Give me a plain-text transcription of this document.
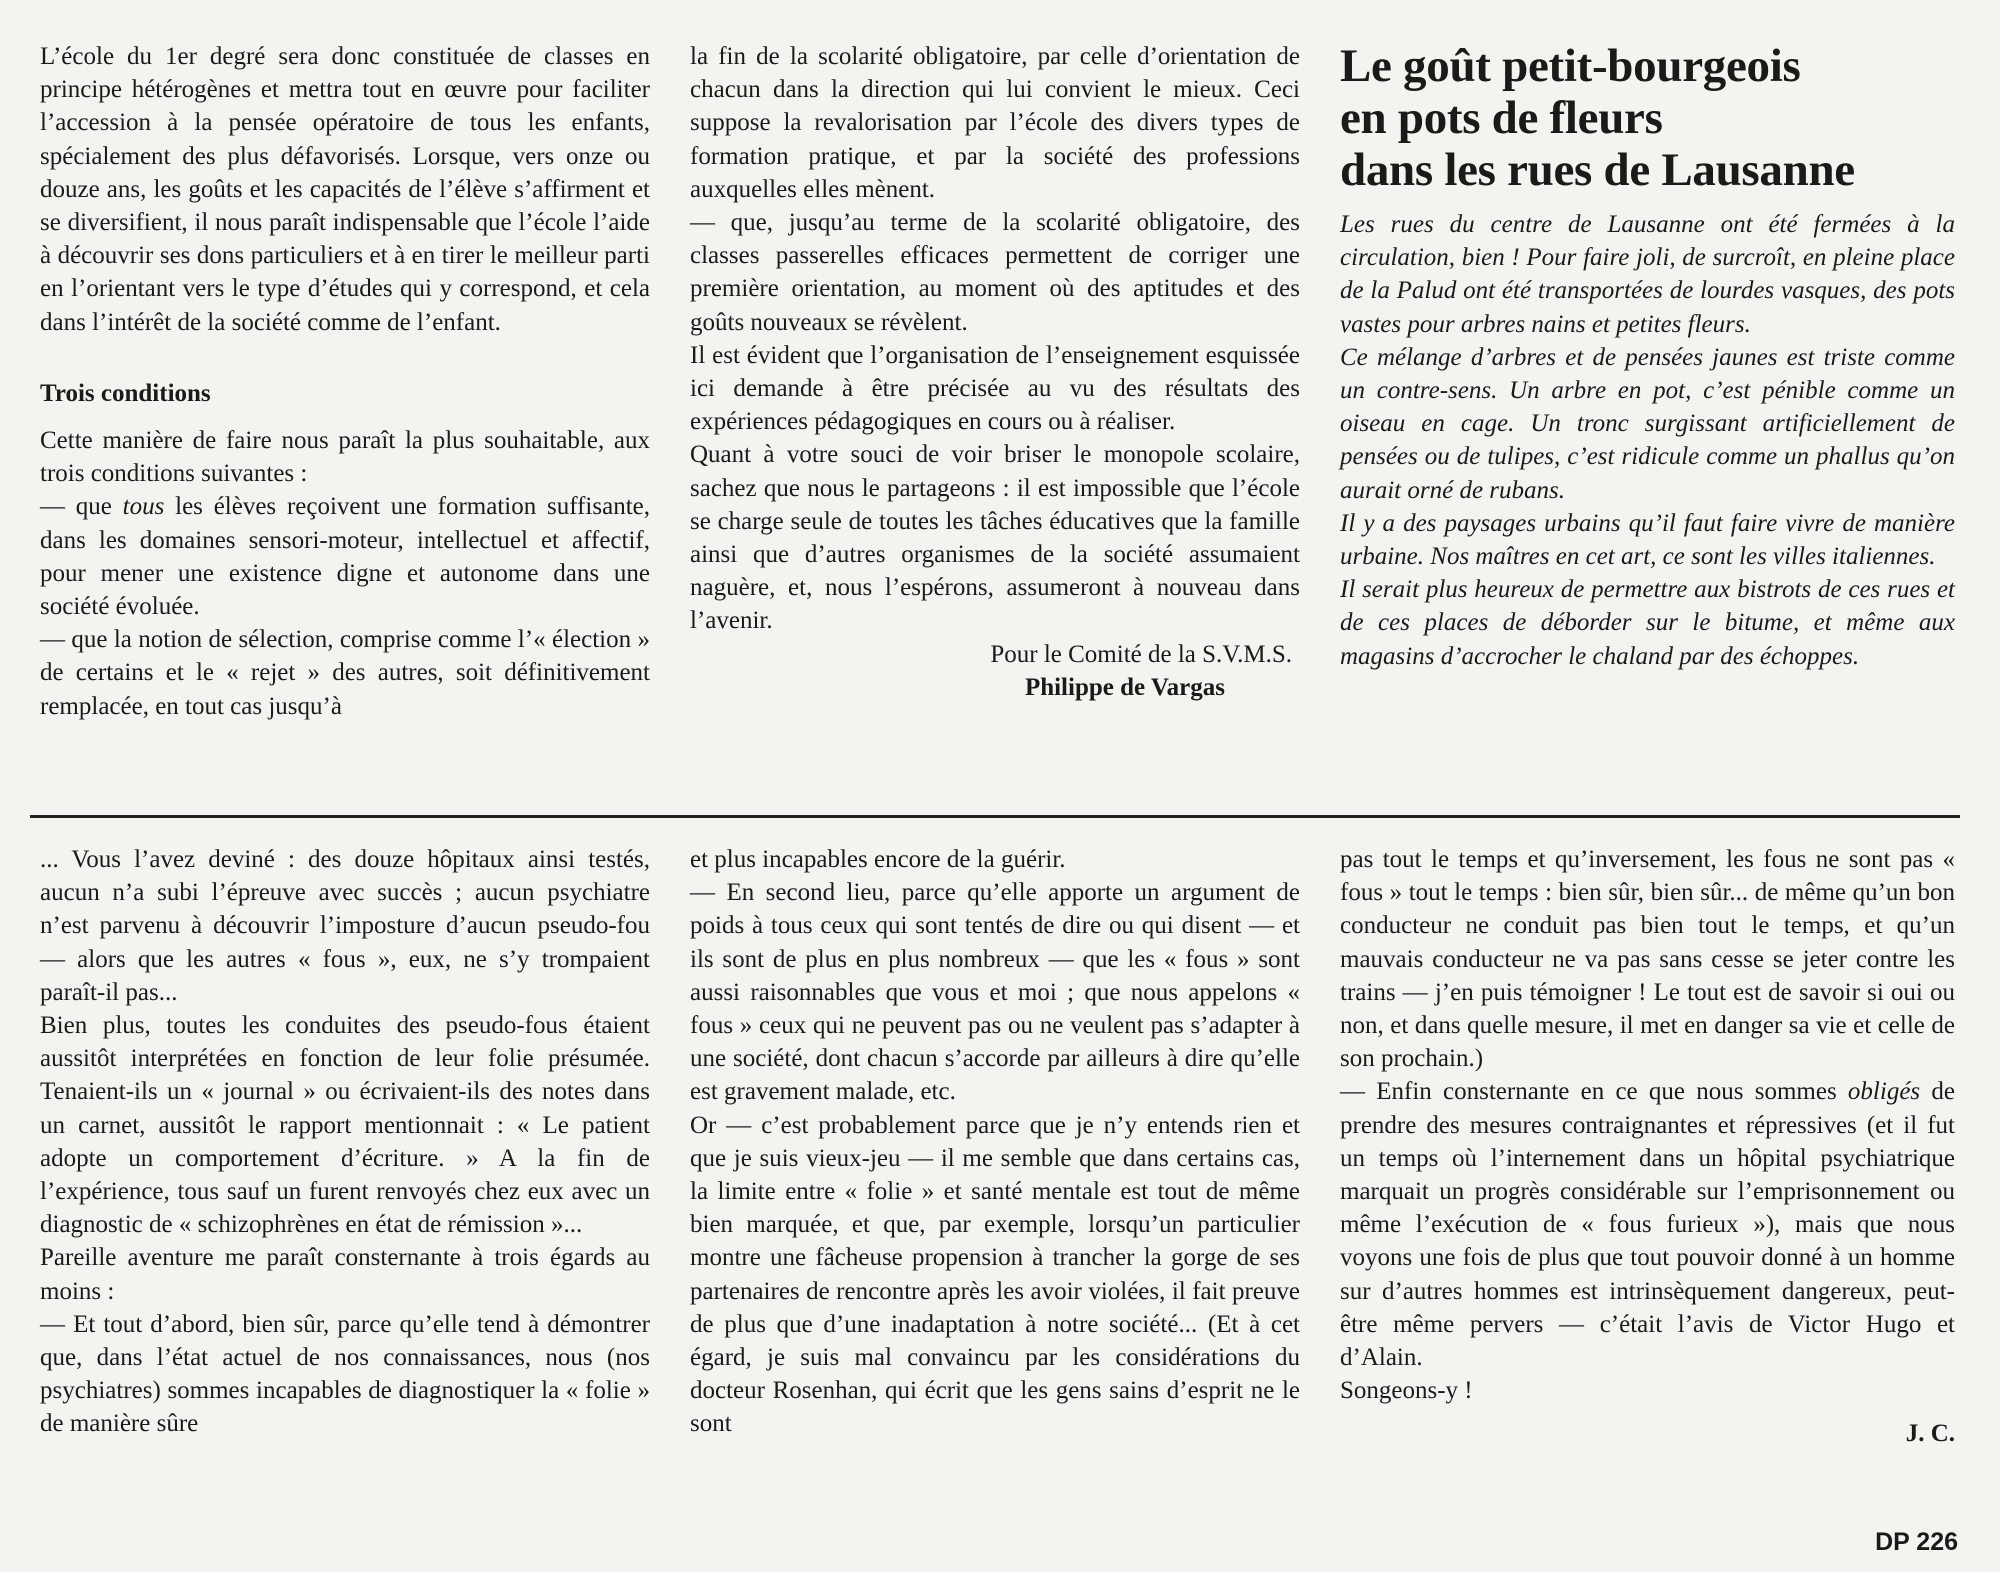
L’école du 1er degré sera donc constituée de classes en principe hétérogènes et mettra tout en œuvre pour faciliter l’accession à la pensée opératoire de tous les enfants, spécialement des plus défavorisés. Lorsque, vers onze ou douze ans, les goûts et les capacités de l’élève s’affirment et se diversifient, il nous paraît indispensable que l’école l’aide à découvrir ses dons particuliers et à en tirer le meilleur parti en l’orientant vers le type d’études qui y correspond, et cela dans l’intérêt de la société comme de l’enfant.

Trois conditions

Cette manière de faire nous paraît la plus souhaitable, aux trois conditions suivantes :

— que tous les élèves reçoivent une formation suffisante, dans les domaines sensori-moteur, intellectuel et affectif, pour mener une existence digne et autonome dans une société évoluée.

— que la notion de sélection, comprise comme l’« élection » de certains et le « rejet » des autres, soit définitivement remplacée, en tout cas jusqu’à

la fin de la scolarité obligatoire, par celle d’orientation de chacun dans la direction qui lui convient le mieux. Ceci suppose la revalorisation par l’école des divers types de formation pratique, et par la société des professions auxquelles elles mènent.

— que, jusqu’au terme de la scolarité obligatoire, des classes passerelles efficaces permettent de corriger une première orientation, au moment où des aptitudes et des goûts nouveaux se révèlent.

Il est évident que l’organisation de l’enseignement esquissée ici demande à être précisée au vu des résultats des expériences pédagogiques en cours ou à réaliser.

Quant à votre souci de voir briser le monopole scolaire, sachez que nous le partageons : il est impossible que l’école se charge seule de toutes les tâches éducatives que la famille ainsi que d’autres organismes de la société assumaient naguère, et, nous l’espérons, assumeront à nouveau dans l’avenir.

Pour le Comité de la S.V.M.S.

Philippe de Vargas

Le goût petit-bourgeois
en pots de fleurs
dans les rues de Lausanne

Les rues du centre de Lausanne ont été fermées à la circulation, bien ! Pour faire joli, de surcroît, en pleine place de la Palud ont été transportées de lourdes vasques, des pots vastes pour arbres nains et petites fleurs.

Ce mélange d’arbres et de pensées jaunes est triste comme un contre-sens. Un arbre en pot, c’est pénible comme un oiseau en cage. Un tronc surgissant artificiellement de pensées ou de tulipes, c’est ridicule comme un phallus qu’on aurait orné de rubans.

Il y a des paysages urbains qu’il faut faire vivre de manière urbaine. Nos maîtres en cet art, ce sont les villes italiennes.

Il serait plus heureux de permettre aux bistrots de ces rues et de ces places de déborder sur le bitume, et même aux magasins d’accrocher le chaland par des échoppes.

... Vous l’avez deviné : des douze hôpitaux ainsi testés, aucun n’a subi l’épreuve avec succès ; aucun psychiatre n’est parvenu à découvrir l’imposture d’aucun pseudo-fou — alors que les autres « fous », eux, ne s’y trompaient paraît-il pas...

Bien plus, toutes les conduites des pseudo-fous étaient aussitôt interprétées en fonction de leur folie présumée. Tenaient-ils un « journal » ou écrivaient-ils des notes dans un carnet, aussitôt le rapport mentionnait : « Le patient adopte un comportement d’écriture. » A la fin de l’expérience, tous sauf un furent renvoyés chez eux avec un diagnostic de « schizophrènes en état de rémission »...

Pareille aventure me paraît consternante à trois égards au moins :

— Et tout d’abord, bien sûr, parce qu’elle tend à démontrer que, dans l’état actuel de nos connaissances, nous (nos psychiatres) sommes incapables de diagnostiquer la « folie » de manière sûre

et plus incapables encore de la guérir.

— En second lieu, parce qu’elle apporte un argument de poids à tous ceux qui sont tentés de dire ou qui disent — et ils sont de plus en plus nombreux — que les « fous » sont aussi raisonnables que vous et moi ; que nous appelons « fous » ceux qui ne peuvent pas ou ne veulent pas s’adapter à une société, dont chacun s’accorde par ailleurs à dire qu’elle est gravement malade, etc.

Or — c’est probablement parce que je n’y entends rien et que je suis vieux-jeu — il me semble que dans certains cas, la limite entre « folie » et santé mentale est tout de même bien marquée, et que, par exemple, lorsqu’un particulier montre une fâcheuse propension à trancher la gorge de ses partenaires de rencontre après les avoir violées, il fait preuve de plus que d’une inadaptation à notre société... (Et à cet égard, je suis mal convaincu par les considérations du docteur Rosenhan, qui écrit que les gens sains d’esprit ne le sont

pas tout le temps et qu’inversement, les fous ne sont pas « fous » tout le temps : bien sûr, bien sûr... de même qu’un bon conducteur ne conduit pas bien tout le temps, et qu’un mauvais conducteur ne va pas sans cesse se jeter contre les trains — j’en puis témoigner ! Le tout est de savoir si oui ou non, et dans quelle mesure, il met en danger sa vie et celle de son prochain.)

— Enfin consternante en ce que nous sommes obligés de prendre des mesures contraignantes et répressives (et il fut un temps où l’internement dans un hôpital psychiatrique marquait un progrès considérable sur l’emprisonnement ou même l’exécution de « fous furieux »), mais que nous voyons une fois de plus que tout pouvoir donné à un homme sur d’autres hommes est intrinsèquement dangereux, peut-être même pervers — c’était l’avis de Victor Hugo et d’Alain.

Songeons-y !

J. C.

DP 226
